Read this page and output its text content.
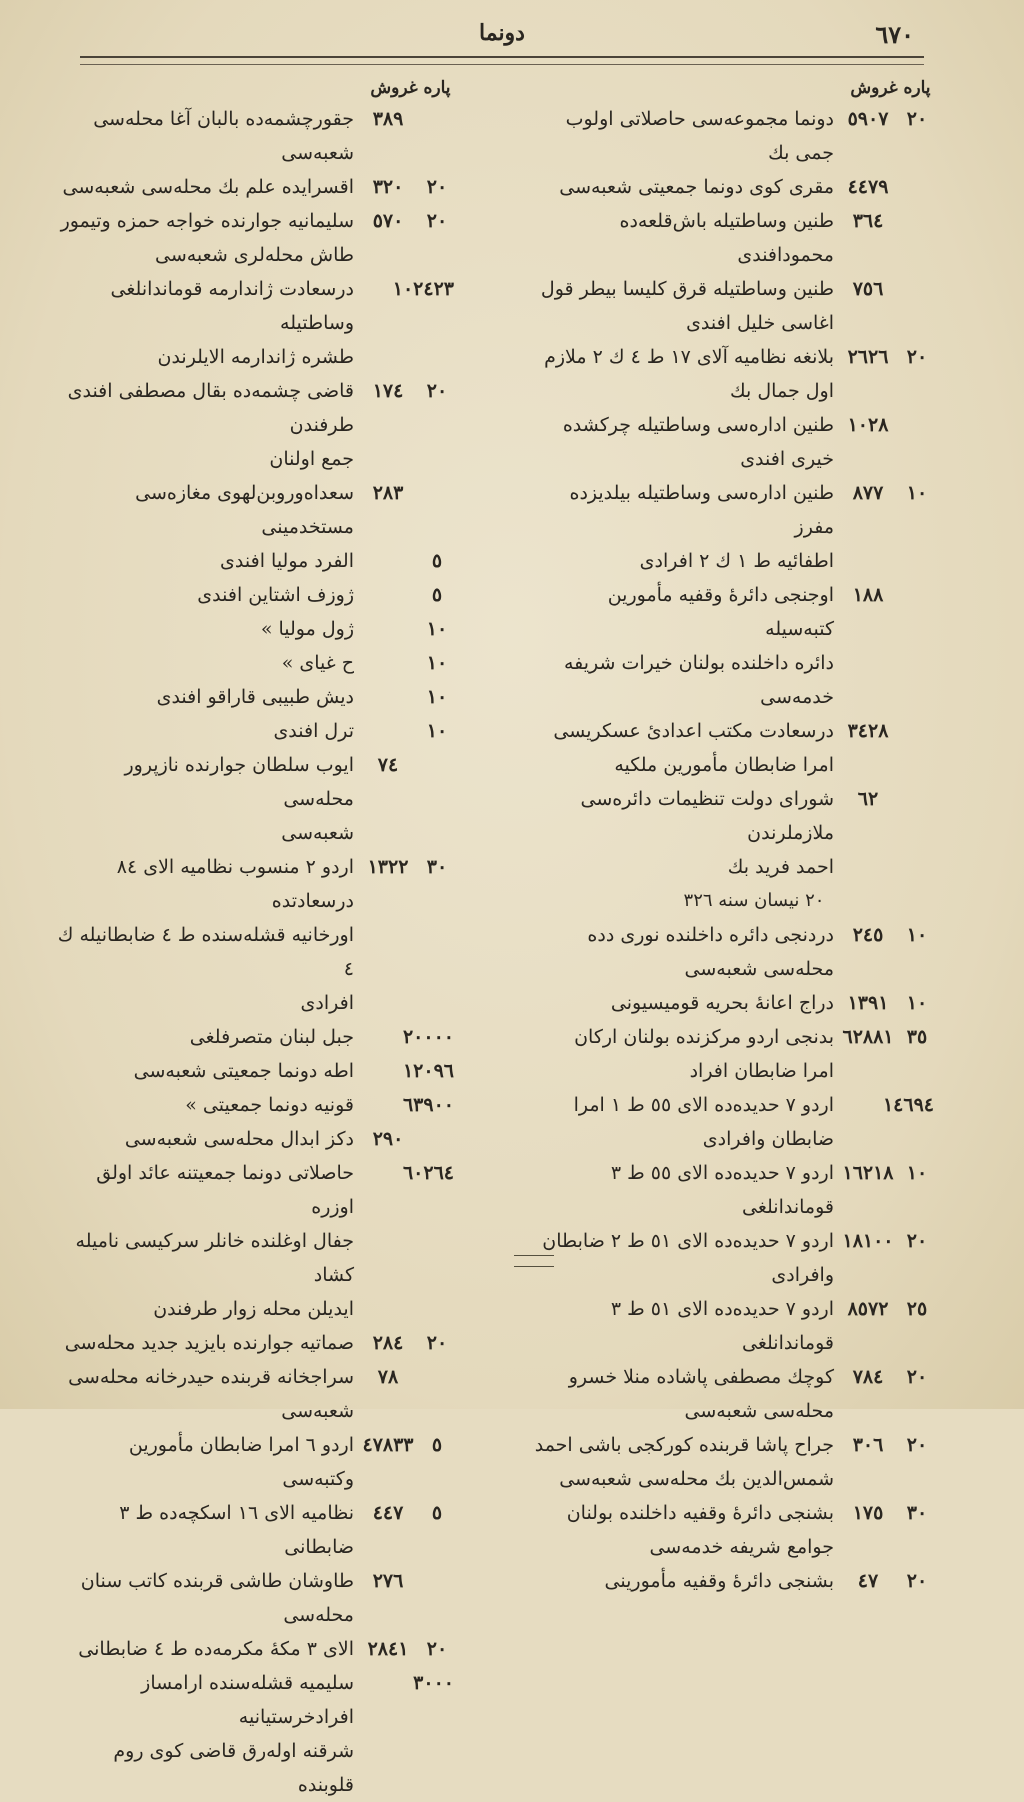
٦٧٠
دونما
پاره
غروش
٢٠
٥٩٠٧
دونما مجموعه‌سی حاصلاتی اولوب جمی بك
٤٤٧٩
مقری كوی دونما جمعیتی شعبه‌سی
٣٦٤
طنین وساطتیله باش‌قلعه‌ده محمودافندی
٧٥٦
طنین وساطتیله قرق كلیسا بیطر قول
اغاسی خلیل افندی
٢٠
٢٦٢٦
بلانغه نظامیه آلای ١٧ ط ٤ ك ٢ ملازم
اول جمال بك
١٠٢٨
طنین اداره‌سی وساطتیله چركشده
خیری افندی
١٠
٨٧٧
طنین اداره‌سی وساطتیله بیلدیزده مفرز
اطفائیه ط ١ ك ٢ افرادی
١٨٨
اوجنجی دائرهٔ وقفیه مأمورین كتبه‌سیله
دائره داخلنده بولنان خیرات شریفه
خدمه‌سی
٣٤٢٨
درسعادت مكتب اعدادیٔ عسكریسی
امرا ضابطان مأمورین ملكیه
٦٢
شورای دولت تنظیمات دائره‌سی ملازملرندن
احمد فرید بك
٢٠ نیسان سنه ٣٢٦
١٠
٢٤٥
دردنجی دائره داخلنده نوری دده
محله‌سی شعبه‌سی
١٠
١٣٩١
دراج اعانهٔ بحریه قومیسیونی
٣٥
٦٢٨٨١
بدنجی اردو مركزنده بولنان اركان
امرا ضابطان افراد
١٤٦٩٤
اردو ٧ حدیده‌ده الای ٥٥ ط ١ امرا
ضابطان وافرادی
١٠
١٦٢١٨
اردو ٧ حدیده‌ده الای ٥٥ ط ٣ قوماندانلغی
٢٠
١٨١٠٠
اردو ٧ حدیده‌ده الای ٥١ ط ٢ ضابطان
وافرادی
٢٥
٨٥٧٢
اردو ٧ حدیده‌ده الای ٥١ ط ٣ قوماندانلغی
٢٠
٧٨٤
كوچك مصطفی پاشاده منلا خسرو
محله‌سی شعبه‌سی
٢٠
٣٠٦
جراح پاشا قربنده كوركجی باشی احمد
شمس‌الدین بك محله‌سی شعبه‌سی
٣٠
١٧٥
بشنجی دائرهٔ وقفیه داخلنده بولنان
جوامع شریفه خدمه‌سی
٢٠
٤٧
بشنجی دائرهٔ وقفیه مأمورینی
پاره
غروش
٣٨٩
جقورچشمه‌ده بالبان آغا محله‌سی شعبه‌سی
٢٠
٣٢٠
اقسرایده علم بك محله‌سی شعبه‌سی
٢٠
٥٧٠
سلیمانیه جوارنده خواجه حمزه وتیمور
طاش محله‌لری شعبه‌سی
١٠٢٤٢٣
درسعادت ژاندارمه قوماندانلغی وساطتیله
طشره ژاندارمه الایلرندن
٢٠
١٧٤
قاضی چشمه‌ده بقال مصطفی افندی طرفندن
جمع اولنان
٢٨٣
سعداه‌وروبن‌لهوی مغازه‌سی مستخدمینی
٥
الفرد مولیا افندی
٥
ژوزف اشتاین افندی
١٠
ژول مولیا »
١٠
ح غیای »
١٠
دیش طبیبی قاراقو افندی
١٠
ترل افندی
٧٤
ایوب سلطان جوارنده نازپرور محله‌سی
شعبه‌سی
٣٠
١٣٢٢
اردو ٢ منسوب نظامیه الای ٨٤ درسعادتده
اورخانیه قشله‌سنده ط ٤ ضابطانیله ك ٤
افرادی
٢٠٠٠٠
جبل لبنان متصرفلغی
١٢٠٩٦
اطه دونما جمعیتی شعبه‌سی
٦٣٩٠٠
قونیه دونما جمعیتی »
٢٩٠
دكز ابدال محله‌سی شعبه‌سی
٦٠٢٦٤
حاصلاتی دونما جمعیتنه عائد اولق اوزره
جفال اوغلنده خانلر سركیسی نامیله كشاد
ایدیلن محله زوار طرفندن
٢٠
٢٨٤
صماتیه جوارنده بایزید جدید محله‌سی
٧٨
سراجخانه قربنده حیدرخانه محله‌سی
شعبه‌سی
٥
٤٧٨٣٣
اردو ٦ امرا ضابطان مأمورین وكتبه‌سی
٥
٤٤٧
نظامیه الای ١٦ اسكچه‌ده ط ٣ ضابطانی
٢٧٦
طاوشان طاشی قربنده كاتب سنان
محله‌سی
٢٠
٢٨٤١
الای ٣ مكهٔ مكرمه‌ده ط ٤ ضابطانی
٣٠٠٠
سلیمیه قشله‌سنده ارامساز افرادخرستیانیه
شرقنه اوله‌رق قاضی كوی روم قلوبنده
